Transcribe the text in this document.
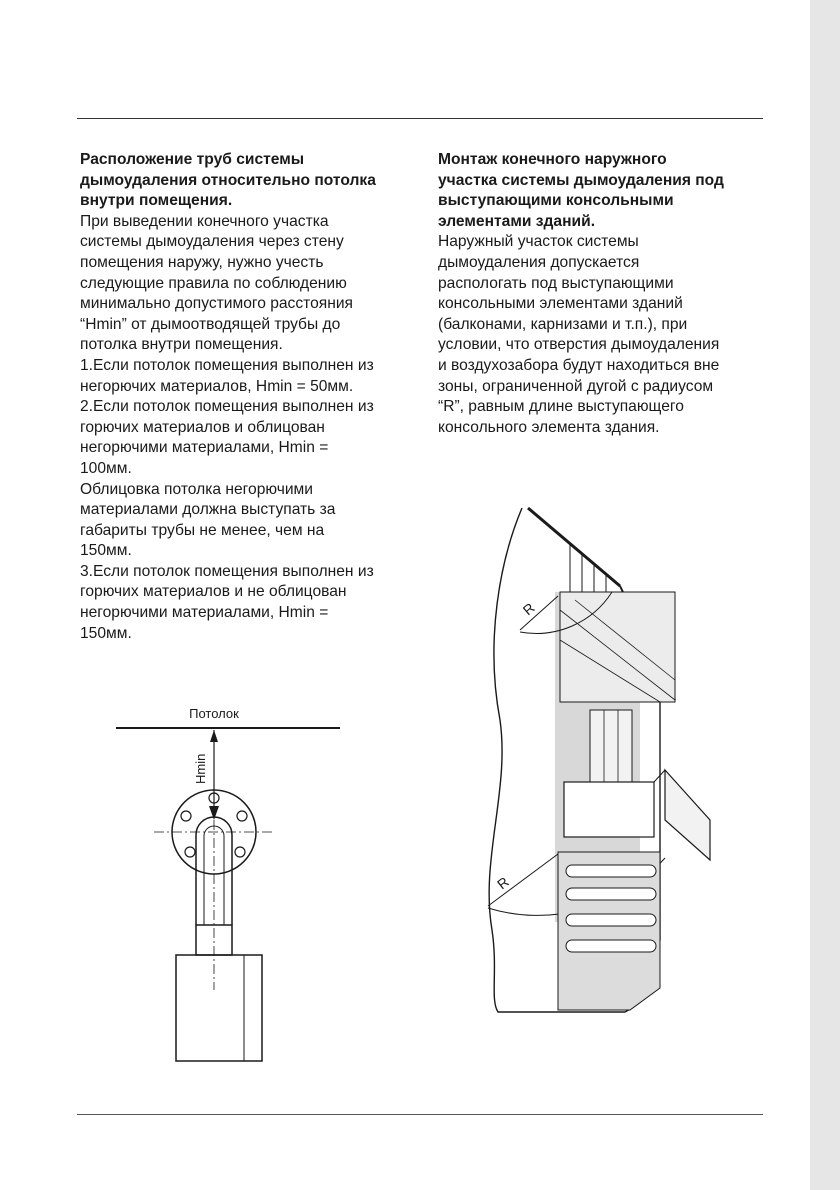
Расположение труб системы дымоудаления относительно потолка внутри помещения.

При выведении конечного участка системы дымоудаления через стену помещения наружу, нужно учесть следующие правила по соблюдению минимально допустимого расстояния “Hmin” от дымоотводящей трубы до потолка внутри помещения.

1.Если потолок помещения выполнен из негорючих материалов, Hmin = 50мм.

2.Если потолок помещения выполнен из горючих материалов и облицован негорючими материалами, Hmin = 100мм.

Облицовка потолка негорючими материалами должна выступать за габариты трубы не менее, чем на 150мм.

3.Если потолок помещения выполнен из горючих материалов и не облицован негорючими материалами, Hmin = 150мм.

Монтаж конечного наружного участка системы дымоудаления под выступающими консольными элементами зданий.

Наружный участок системы дымоудаления допускается распологать под выступающими консольными элементами зданий (балконами, карнизами и т.п.), при условии, что отверстия дымоудаления и воздухозабора будут находиться вне зоны, ограниченной дугой с радиусом “R”, равным длине выступающего консольного элемента здания.

Потолок
Hmin
R
R
